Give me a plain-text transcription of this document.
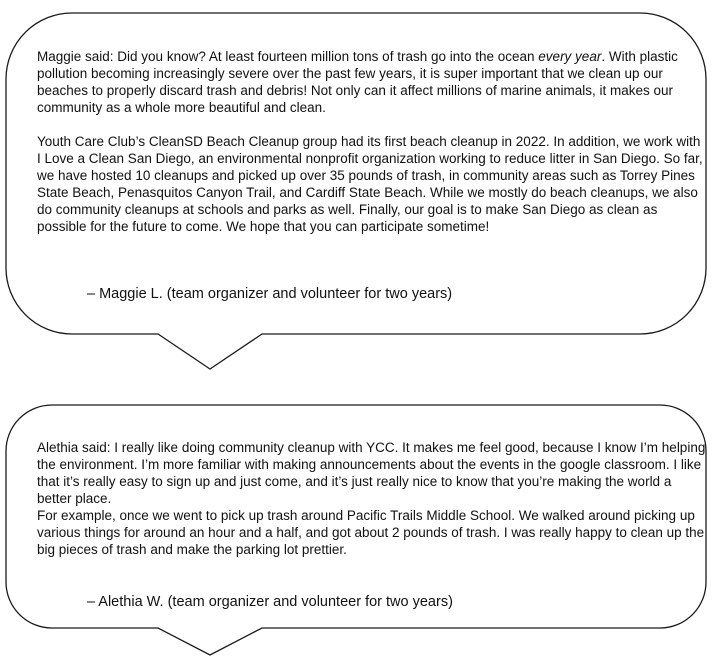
Maggie said: Did you know? At least fourteen million tons of trash go into the ocean every year. With plastic pollution becoming increasingly severe over the past few years, it is super important that we clean up our beaches to properly discard trash and debris! Not only can it affect millions of marine animals, it makes our community as a whole more beautiful and clean.

Youth Care Club’s CleanSD Beach Cleanup group had its first beach cleanup in 2022. In addition, we work with I Love a Clean San Diego, an environmental nonprofit organization working to reduce litter in San Diego. So far, we have hosted 10 cleanups and picked up over 35 pounds of trash, in community areas such as Torrey Pines State Beach, Penasquitos Canyon Trail, and Cardiff State Beach. While we mostly do beach cleanups, we also do community cleanups at schools and parks as well. Finally, our goal is to make San Diego as clean as possible for the future to come. We hope that you can participate sometime!

– Maggie L. (team organizer and volunteer for two years)

Alethia said: I really like doing community cleanup with YCC. It makes me feel good, because I know I’m helping the environment. I’m more familiar with making announcements about the events in the google classroom. I like that it’s really easy to sign up and just come, and it’s just really nice to know that you’re making the world a better place.

For example, once we went to pick up trash around Pacific Trails Middle School. We walked around picking up various things for around an hour and a half, and got about 2 pounds of trash. I was really happy to clean up the big pieces of trash and make the parking lot prettier.

– Alethia W. (team organizer and volunteer for two years)
